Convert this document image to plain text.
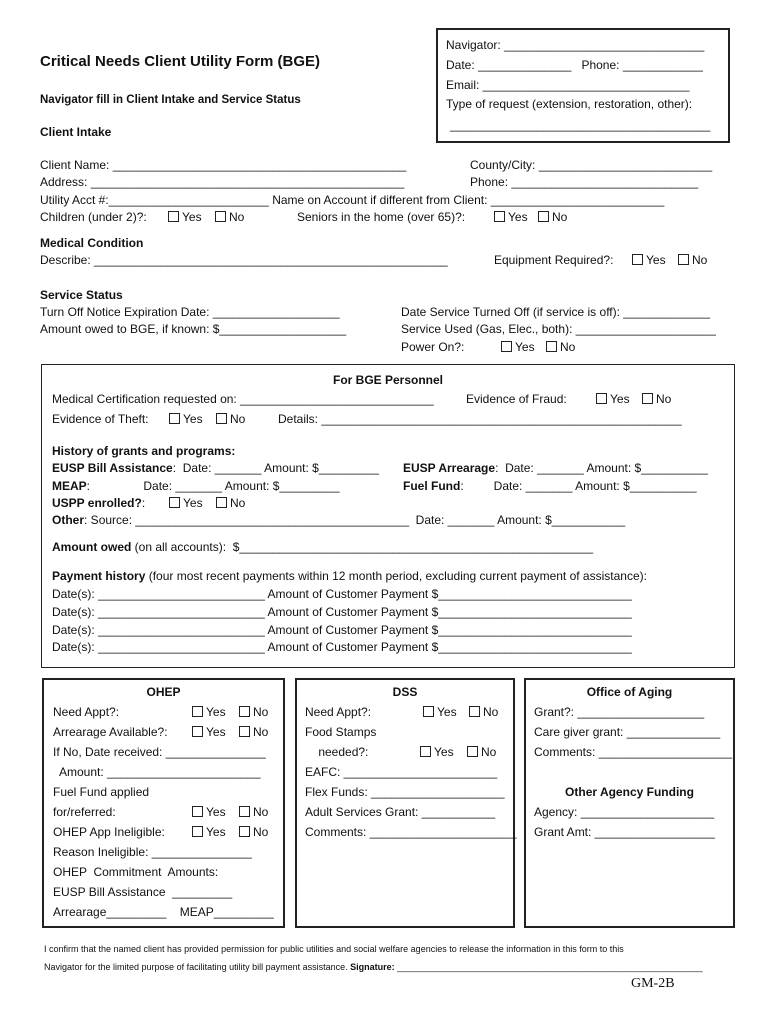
Critical Needs Client Utility Form (BGE)
Navigator fill in Client Intake and Service Status
Client Intake
Navigator: ______________________________
Date: ______________   Phone: ____________
Email: _______________________________
Type of request (extension, restoration, other):
_______________________________________
Client Name: ____________________________________________	County/City: __________________________
Address: _______________________________________________	Phone: ____________________________
Utility Acct #:________________________ Name on Account if different from Client: __________________________
Children (under 2)?:	Yes	No	Seniors in the home (over 65)?:	Yes	No
Medical Condition
Describe: _____________________________________________________	Equipment Required?:	Yes	No
Service Status
Turn Off Notice Expiration Date: ___________________
Amount owed to BGE, if known: $___________________
Date Service Turned Off (if service is off): _____________
Service Used (Gas, Elec., both): _____________________
Power On?:	Yes	No
For BGE Personnel
Medical Certification requested on: _____________________________	Evidence of Fraud:	Yes	No
Evidence of Theft:	Yes	No	Details: ______________________________________________________
History of grants and programs:
EUSP Bill Assistance:  Date: _______ Amount: $_________ EUSP Arrearage:  Date: _______ Amount: $__________
MEAP:                Date: _______ Amount: $_________	Fuel Fund:         Date: _______ Amount: $__________
USPP enrolled?:	Yes	No
Other: Source: _________________________________________  Date: _______ Amount: $___________
Amount owed (on all accounts):  $_____________________________________________________
Payment history (four most recent payments within 12 month period, excluding current payment of assistance):
Date(s): _________________________ Amount of Customer Payment $_____________________________
Date(s): _________________________ Amount of Customer Payment $_____________________________
Date(s): _________________________ Amount of Customer Payment $_____________________________
Date(s): _________________________ Amount of Customer Payment $_____________________________
OHEP
Need Appt?:	Yes	No
Arrearage Available?:	Yes	No
If No, Date received: _______________
Amount: _______________________
Fuel Fund applied
for/referred:	Yes	No
OHEP App Ineligible:	Yes	No
Reason Ineligible: _______________
OHEP  Commitment  Amounts:
EUSP Bill Assistance  _________
Arrearage_________    MEAP_________
DSS
Need Appt?:	Yes	No
Food Stamps
needed?:	Yes	No
EAFC: _______________________
Flex Funds: ____________________
Adult Services Grant: ___________
Comments: ______________________
Office of Aging
Grant?: ___________________
Care giver grant: ______________
Comments: ____________________
Other Agency Funding
Agency: ____________________
Grant Amt: __________________
I confirm that the named client has provided permission for public utilities and social welfare agencies to release the information in this form to this
Navigator for the limited purpose of facilitating utility bill payment assistance. Signature: _____________________________________________________________
GM-2B
